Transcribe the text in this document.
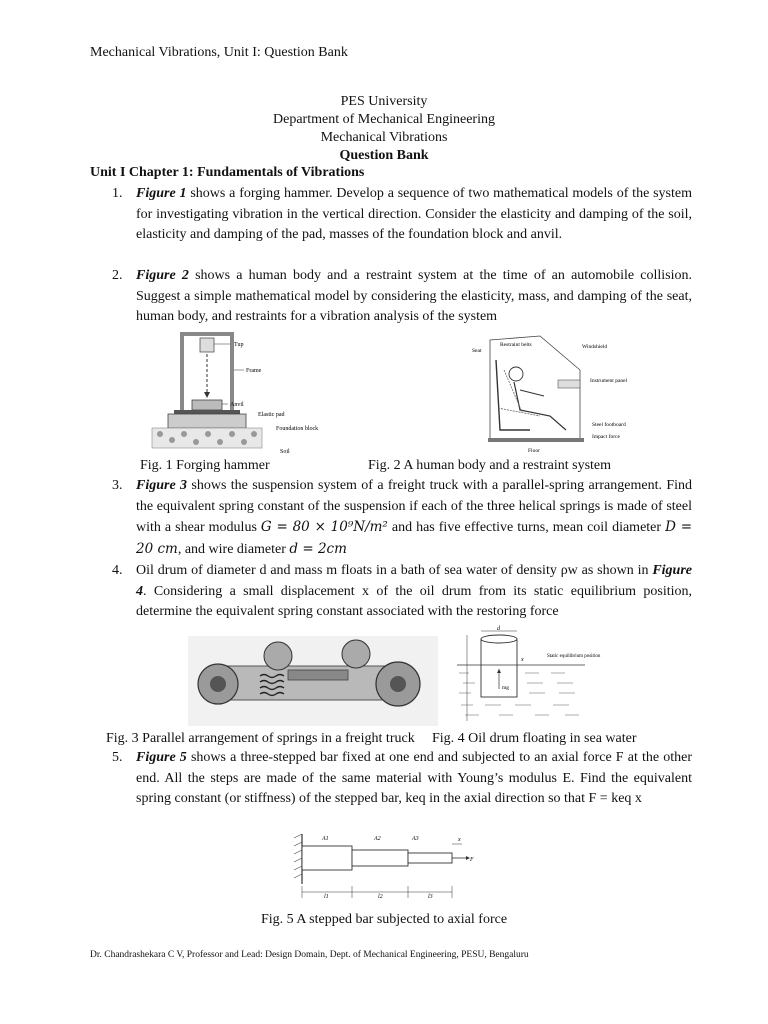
Mechanical Vibrations, Unit I: Question Bank
PES University
Department of Mechanical Engineering
Mechanical Vibrations
Question Bank
Unit I Chapter 1: Fundamentals of Vibrations
1. Figure 1 shows a forging hammer. Develop a sequence of two mathematical models of the system for investigating vibration in the vertical direction. Consider the elasticity and damping of the soil, elasticity and damping of the pad, masses of the foundation block and anvil.
2. Figure 2 shows a human body and a restraint system at the time of an automobile collision. Suggest a simple mathematical model by considering the elasticity, mass, and damping of the seat, human body, and restraints for a vibration analysis of the system
3. Figure 3 shows the suspension system of a freight truck with a parallel-spring arrangement. Find the equivalent spring constant of the suspension if each of the three helical springs is made of steel with a shear modulus G = 80 × 10⁹N/m² and has five effective turns, mean coil diameter D = 20 cm, and wire diameter d = 2cm
4. Oil drum of diameter d and mass m floats in a bath of sea water of density ρw as shown in Figure 4. Considering a small displacement x of the oil drum from its static equilibrium position, determine the equivalent spring constant associated with the restoring force
5. Figure 5 shows a three-stepped bar fixed at one end and subjected to an axial force F at the other end. All the steps are made of the same material with Young’s modulus E. Find the equivalent spring constant (or stiffness) of the stepped bar, keq in the axial direction so that F = keq x
Tup
Frame
Anvil
Elastic pad
Foundation block
Soil
Seat
Restraint belts	Windshield
Instrument panel
Steel footboard
Impact force
Floor
Fig. 1 Forging hammer	Fig. 2 A human body and a restraint system
d
mg
x
Static equilibrium position
Fig. 3 Parallel arrangement of springs in a freight truck Fig. 4 Oil drum floating in sea water
A1	A2	A3	x
F
l1	l2	l3
Fig. 5 A stepped bar subjected to axial force
Dr. Chandrashekara C V, Professor and Lead: Design Domain, Dept. of Mechanical Engineering, PESU, Bengaluru
